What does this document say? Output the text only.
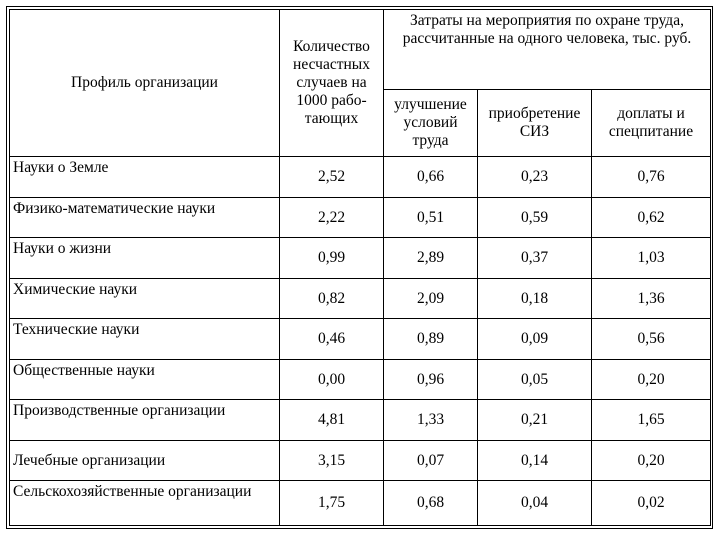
Профиль организации	Количество несчастных случаев на 1000 рабо-тающих	Затраты на мероприятия по охране труда, рассчитанные на одного человека, тыс. руб.		
		улучшение условий труда	приобретение СИЗ	доплаты и спецпитание
Науки о Земле	2,52	0,66	0,23	0,76
Физико-математические науки	2,22	0,51	0,59	0,62
Науки о жизни	0,99	2,89	0,37	1,03
Химические науки	0,82	2,09	0,18	1,36
Технические науки	0,46	0,89	0,09	0,56
Общественные науки	0,00	0,96	0,05	0,20
Производственные организации	4,81	1,33	0,21	1,65
Лечебные организации	3,15	0,07	0,14	0,20
Сельскохозяйственные организации	1,75	0,68	0,04	0,02
